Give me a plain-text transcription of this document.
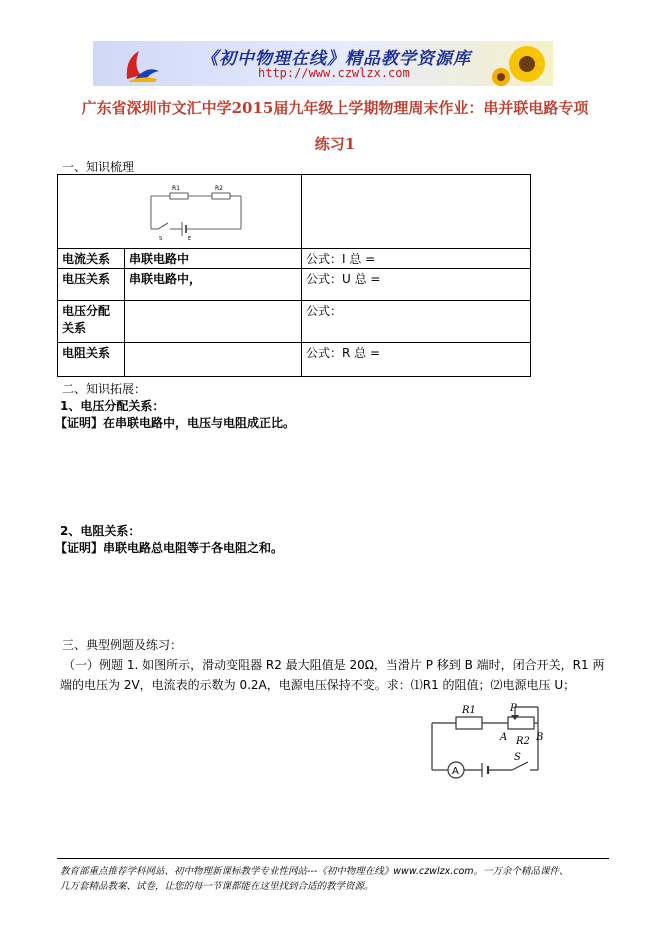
《初中物理在线》精品教学资源库
http://www.czwlzx.com
广东省深圳市文汇中学2015届九年级上学期物理周末作业：串并联电路专项
练习1
一、知识梳理
R1 R2
S E		

电流关系	串联电路中	公式：I 总 =
电压关系	串联电路中，	公式：U 总 =
电压分配关系		公式：
电阻关系		公式：R 总 =
二、知识拓展：
1、电压分配关系：
【证明】在串联电路中，电压与电阻成正比。
2、电阻关系：
【证明】串联电路总电阻等于各电阻之和。
三、典型例题及练习：
（一）例题 1. 如图所示，滑动变阻器 R2 最大阻值是 20Ω，当滑片 P 移到 B 端时，闭合开关，R1 两
端的电压为 2V，电流表的示数为 0.2A，电源电压保持不变。求：⑴R1 的阻值；⑵电源电压 U；
R1	P
A R2 B
A
S
教育部重点推荐学科网站、初中物理新课标教学专业性网站---《初中物理在线》www.czwlzx.com。一万余个精品课件、
几万套精品教案、试卷，让您的每一节课都能在这里找到合适的教学资源。
